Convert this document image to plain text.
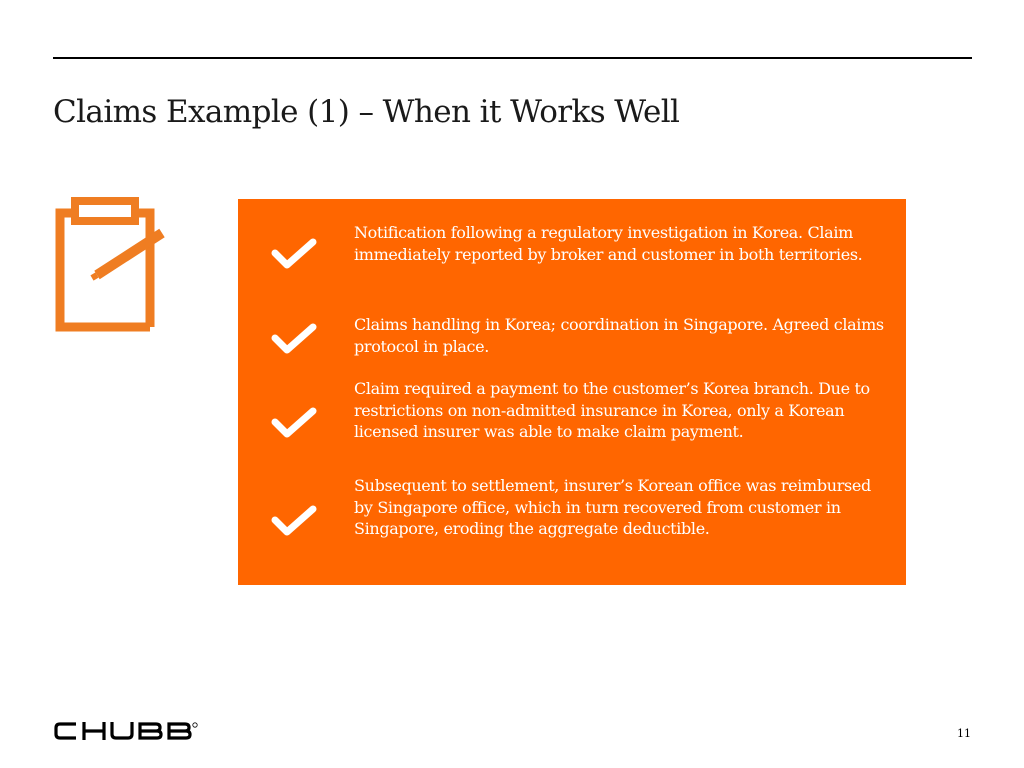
Claims Example (1) – When it Works Well

Notification following a regulatory investigation in Korea. Claim immediately reported by broker and customer in both territories.

Claims handling in Korea; coordination in Singapore. Agreed claims protocol in place.

Claim required a payment to the customer’s Korea branch. Due to restrictions on non-admitted insurance in Korea, only a Korean licensed insurer was able to make claim payment.

Subsequent to settlement, insurer’s Korean office was reimbursed by Singapore office, which in turn recovered from customer in Singapore, eroding the aggregate deductible.

11
